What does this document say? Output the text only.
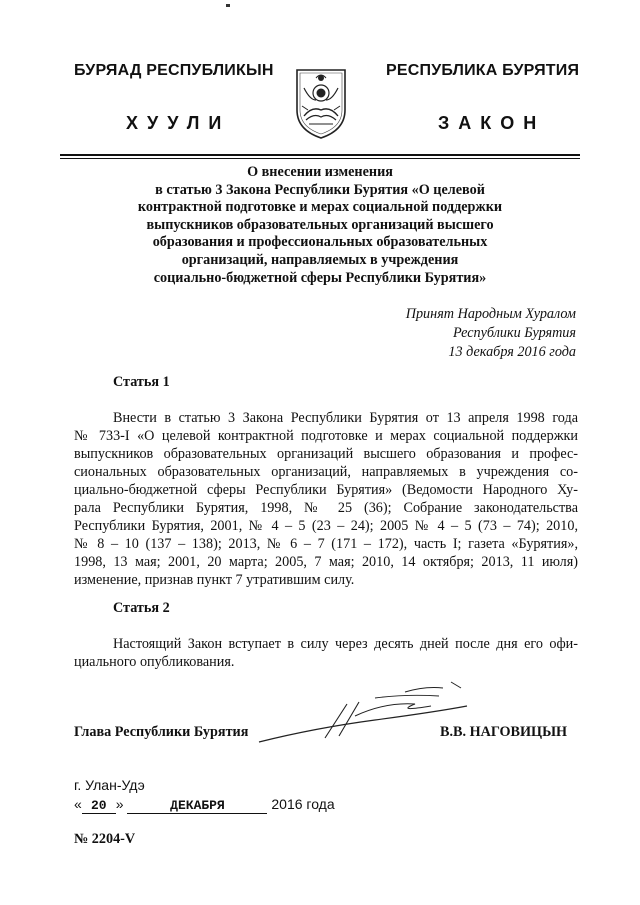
БУРЯАД РЕСПУБЛИКЫН
ХУУЛИ
РЕСПУБЛИКА БУРЯТИЯ
ЗАКОН
О внесении изменения
в статью 3 Закона Республики Бурятия «О целевой
контрактной подготовке и мерах социальной поддержки
выпускников образовательных организаций высшего
образования и профессиональных образовательных
организаций, направляемых в учреждения
социально-бюджетной сферы Республики Бурятия»
Принят Народным Хуралом
Республики Бурятия
13 декабря 2016 года
Статья 1
Внести в статью 3 Закона Республики Бурятия от 13 апреля 1998 года
№ 733-I «О целевой контрактной подготовке и мерах социальной поддержки
выпускников образовательных организаций высшего образования и профес-
сиональных образовательных организаций, направляемых в учреждения со-
циально-бюджетной сферы Республики Бурятия» (Ведомости Народного Ху-
рала Республики Бурятия, 1998, № 25 (36); Собрание законодательства
Республики Бурятия, 2001, № 4 – 5 (23 – 24); 2005 № 4 – 5 (73 – 74); 2010,
№ 8 – 10 (137 – 138); 2013, № 6 – 7 (171 – 172), часть I; газета «Бурятия»,
1998, 13 мая; 2001, 20 марта; 2005, 7 мая; 2010, 14 октября; 2013, 11 июля)
изменение, признав пункт 7 утратившим силу.
Статья 2
Настоящий Закон вступает в силу через десять дней после дня его офи-
циального опубликования.
Глава Республики Бурятия	В.В. НАГОВИЦЫН
г. Улан-Удэ
« 20 »	ДЕКАБРЯ	2016 года
№ 2204-V
